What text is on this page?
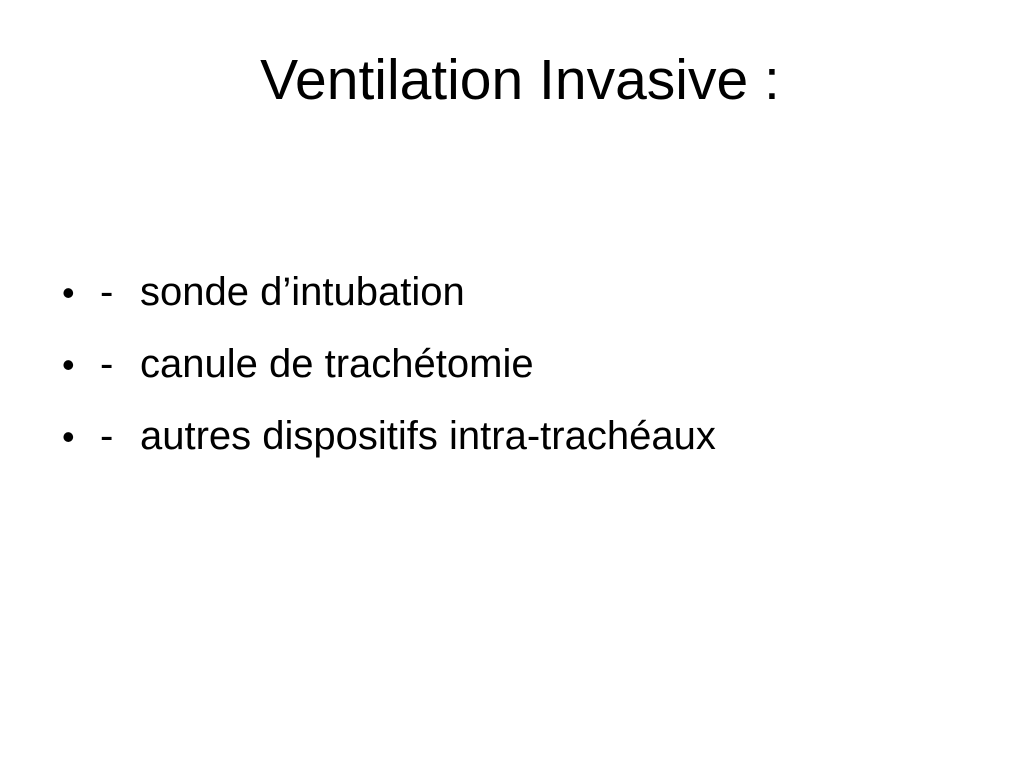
Ventilation Invasive :
• - sonde d’intubation
• - canule de trachétomie
• - autres dispositifs intra-trachéaux
